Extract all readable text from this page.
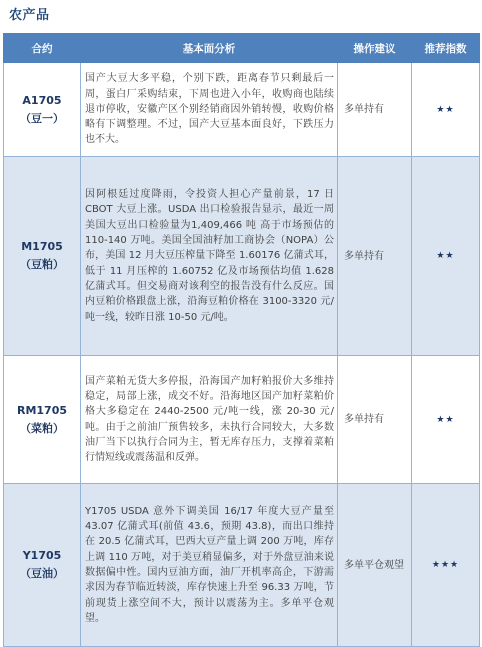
农产品
合约	基本面分析	操作建议	推荐指数

A1705
（豆一）	国产大豆大多平稳，个别下跌，距离春节只剩最后一周，蛋白厂采购结束，下周也进入小年，收购商也陆续退市停收，安徽产区个别经销商因外销转慢，收购价格略有下调整理。不过，国产大豆基本面良好，下跌压力也不大。	多单持有	★★

M1705
（豆粕）	因阿根廷过度降雨，令投资人担心产量前景，17 日 CBOT 大豆上涨。USDA 出口检验报告显示，最近一周美国大豆出口检验量为1,409,466 吨 高于市场预估的 110-140 万吨。美国全国油籽加工商协会（NOPA）公布，美国 12 月大豆压榨量下降至 1.60176 亿蒲式耳，低于 11 月压榨的 1.60752 亿及市场预估均值 1.628 亿蒲式耳。但交易商对该利空的报告没有什么反应。国内豆粕价格跟盘上涨，沿海豆粕价格在 3100-3320 元/吨一线，较昨日涨 10-50 元/吨。	多单持有	★★

RM1705
（菜粕）	国产菜粕无货大多停报，沿海国产加籽粕报价大多维持稳定，局部上涨，成交不好。沿海地区国产加籽菜粕价格大多稳定在 2440-2500 元/吨一线，涨 20-30 元/吨。由于之前油厂预售较多，未执行合同较大，大多数油厂当下以执行合同为主，暂无库存压力，支撑着菜粕行情短线或震荡温和反弹。	多单持有	★★

Y1705
（豆油）	Y1705 USDA 意外下调美国 16/17 年度大豆产量至 43.07 亿蒲式耳(前值 43.6，预期 43.8)，而出口维持在 20.5 亿蒲式耳，巴西大豆产量上调 200 万吨，库存上调 110 万吨，对于美豆稍显偏多，对于外盘豆油来说数据偏中性。国内豆油方面，油厂开机率高企，下游需求因为春节临近转淡，库存快速上升至 96.33 万吨，节前现货上涨空间不大，预计以震荡为主。多单平仓观望。	多单平仓观望	★★★
